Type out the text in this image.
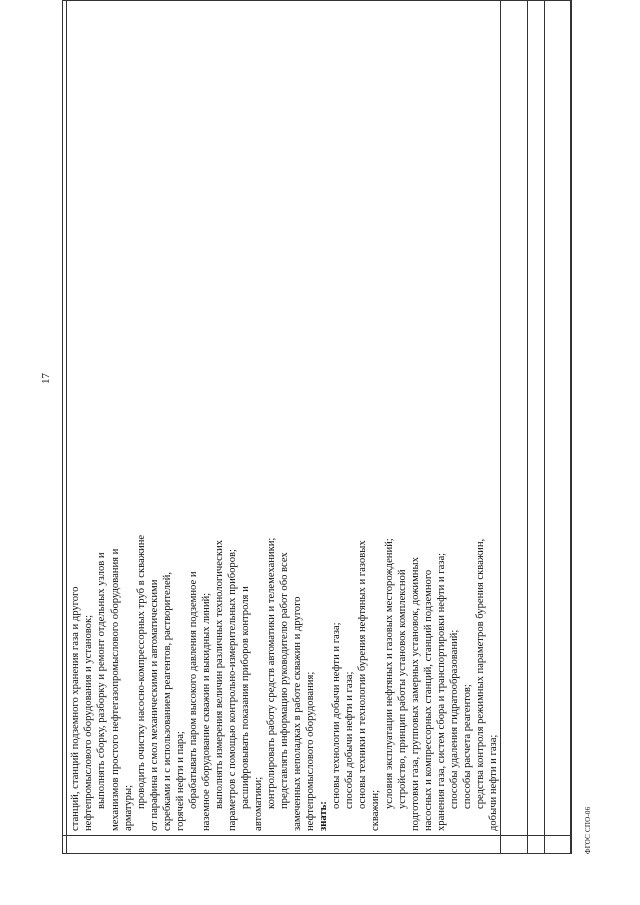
17
станций, станций подземного хранения газа и другого нефтепромыслового оборудования и установок; выполнять сборку, разборку и ремонт отдельных узлов и механизмов простого нефтегазопромыслового оборудования и арматуры; проводить очистку насосно-компрессорных труб в скважине от парафина и смол механическими и автоматическими скребками и с использованием реагентов, растворителей, горячей нефти и пара; обрабатывать паром высокого давления подземное и наземное оборудование скважин и выкидных линий; выполнять измерения величин различных технологических параметров с помощью контрольно-измерительных приборов; расшифровывать показания приборов контроля и автоматики; контролировать работу средств автоматики и телемеханики; представлять информацию руководителю работ обо всех замеченных неполадках в работе скважин и другого нефтепромыслового оборудования; знать:
основы технологии добычи нефти и газа; способы добычи нефти и газа; основы техники и технологии бурения нефтяных и газовых
скважин;
условия эксплуатации нефтяных и газовых месторождений; устройство, принцип работы установок комплексной подготовки газа, групповых замерных установок, дожимных насосных и компрессорных станций, станций подземного хранения газа, систем сбора и транспортировки нефти и газа; способы удаления гидратообразований; способы расчета реагентов; средства контроля режимных параметров бурения скважин, добычи нефти и газа;	ФГОС СПО-06
